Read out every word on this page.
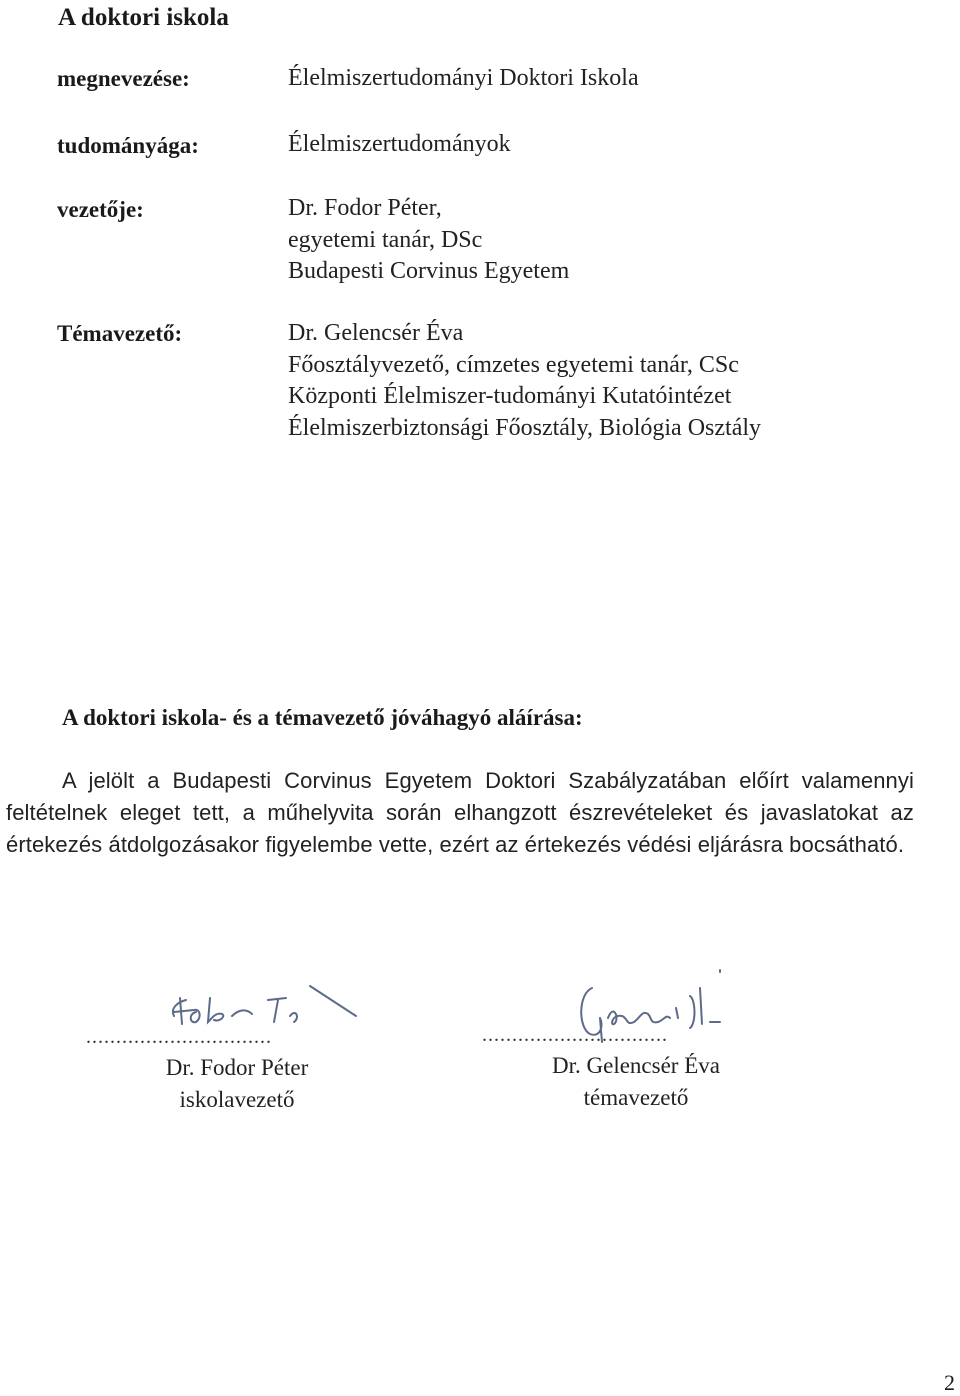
A doktori iskola
megnevezése:	Élelmiszertudományi Doktori Iskola
tudományága:	Élelmiszertudományok
vezetője:	Dr. Fodor Péter,
egyetemi tanár, DSc
Budapesti Corvinus Egyetem
Témavezető:	Dr. Gelencsér Éva
Főosztályvezető, címzetes egyetemi tanár, CSc
Központi Élelmiszer-tudományi Kutatóintézet
Élelmiszerbiztonsági Főosztály, Biológia Osztály
A doktori iskola- és a témavezető jóváhagyó aláírása:
A jelölt a Budapesti Corvinus Egyetem Doktori Szabályzatában előírt valamennyi feltételnek eleget tett, a műhelyvita során elhangzott észrevételeket és javaslatokat az értekezés átdolgozásakor figyelembe vette, ezért az értekezés védési eljárásra bocsátható.
...............................
Dr. Fodor Péter
iskolavezető
...............................
Dr. Gelencsér Éva
témavezető
2
